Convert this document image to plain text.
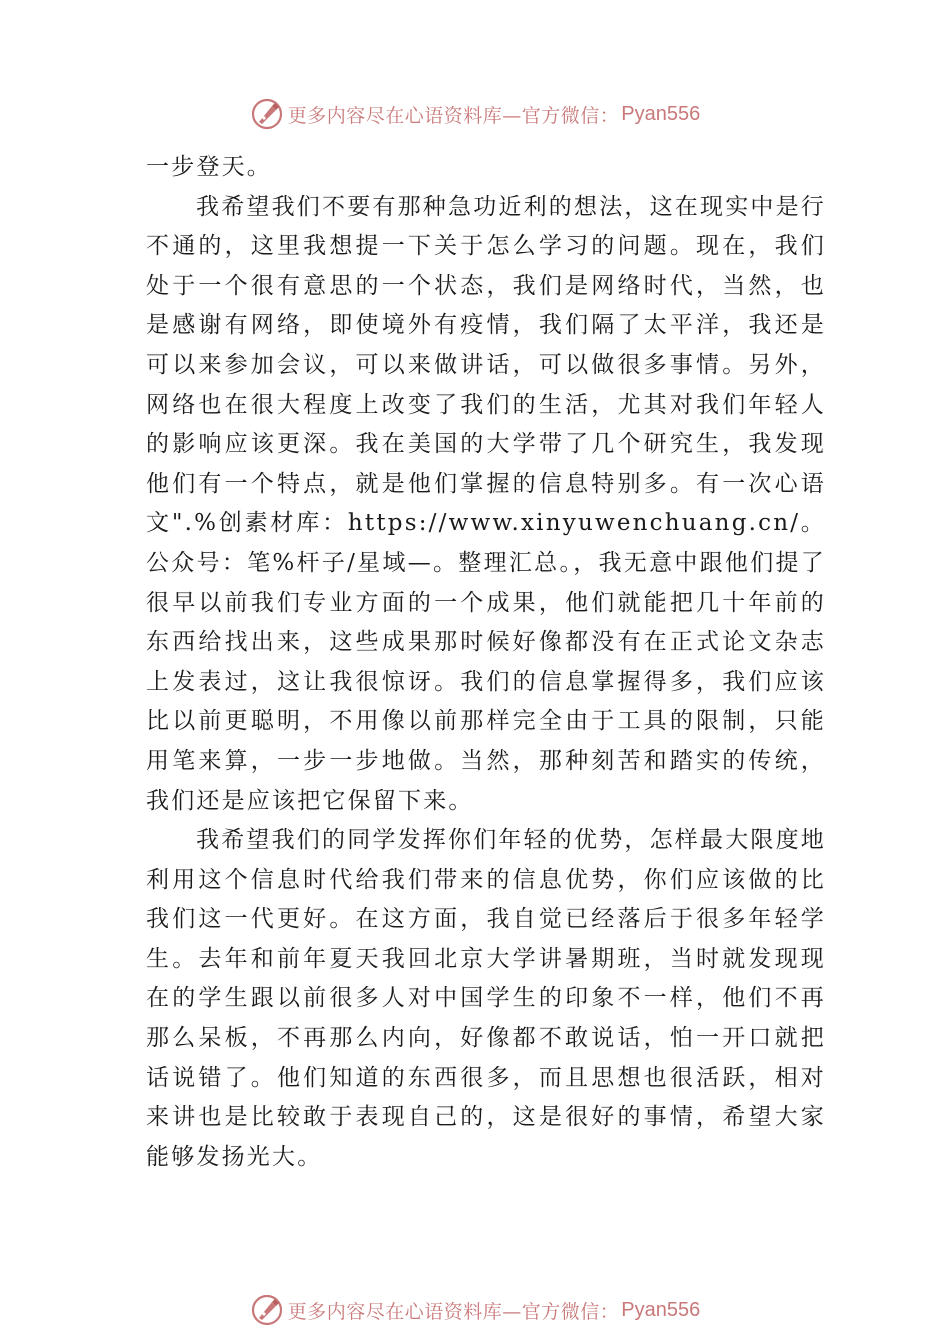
更多内容尽在心语资料库—官方微信： Pyan556

一步登天。

我希望我们不要有那种急功近利的想法，这在现实中是行不通的，这里我想提一下关于怎么学习的问题。现在，我们处于一个很有意思的一个状态，我们是网络时代，当然，也是感谢有网络，即使境外有疫情，我们隔了太平洋，我还是可以来参加会议，可以来做讲话，可以做很多事情。另外， 网络也在很大程度上改变了我们的生活，尤其对我们年轻人的影响应该更深。我在美国的大学带了几个研究生，我发现他们有一个特点，就是他们掌握的信息特别多。有一次心语文".%创素材库：https://www.xinyuwenchuang.cn/。公众号：笔%杆子/星域—。整理汇总。，我无意中跟他们提了很早以前我们专业方面的一个成果，他们就能把几十年前的东西给找出来，这些成果那时候好像都没有在正式论文杂志上发表过，这让我很惊讶。我们的信息掌握得多，我们应该比以前更聪明，不用像以前那样完全由于工具的限制，只能用笔来算，一步一步地做。当然，那种刻苦和踏实的传统，我们还是应该把它保留下来。

我希望我们的同学发挥你们年轻的优势，怎样最大限度地利用这个信息时代给我们带来的信息优势，你们应该做的比我们这一代更好。在这方面，我自觉已经落后于很多年轻学生。去年和前年夏天我回北京大学讲暑期班，当时就发现现在的学生跟以前很多人对中国学生的印象不一样，他们不再那么呆板，不再那么内向，好像都不敢说话，怕一开口就把话说错了。他们知道的东西很多，而且思想也很活跃，相对来讲也是比较敢于表现自己的，这是很好的事情，希望大家能够发扬光大。

更多内容尽在心语资料库—官方微信： Pyan556
